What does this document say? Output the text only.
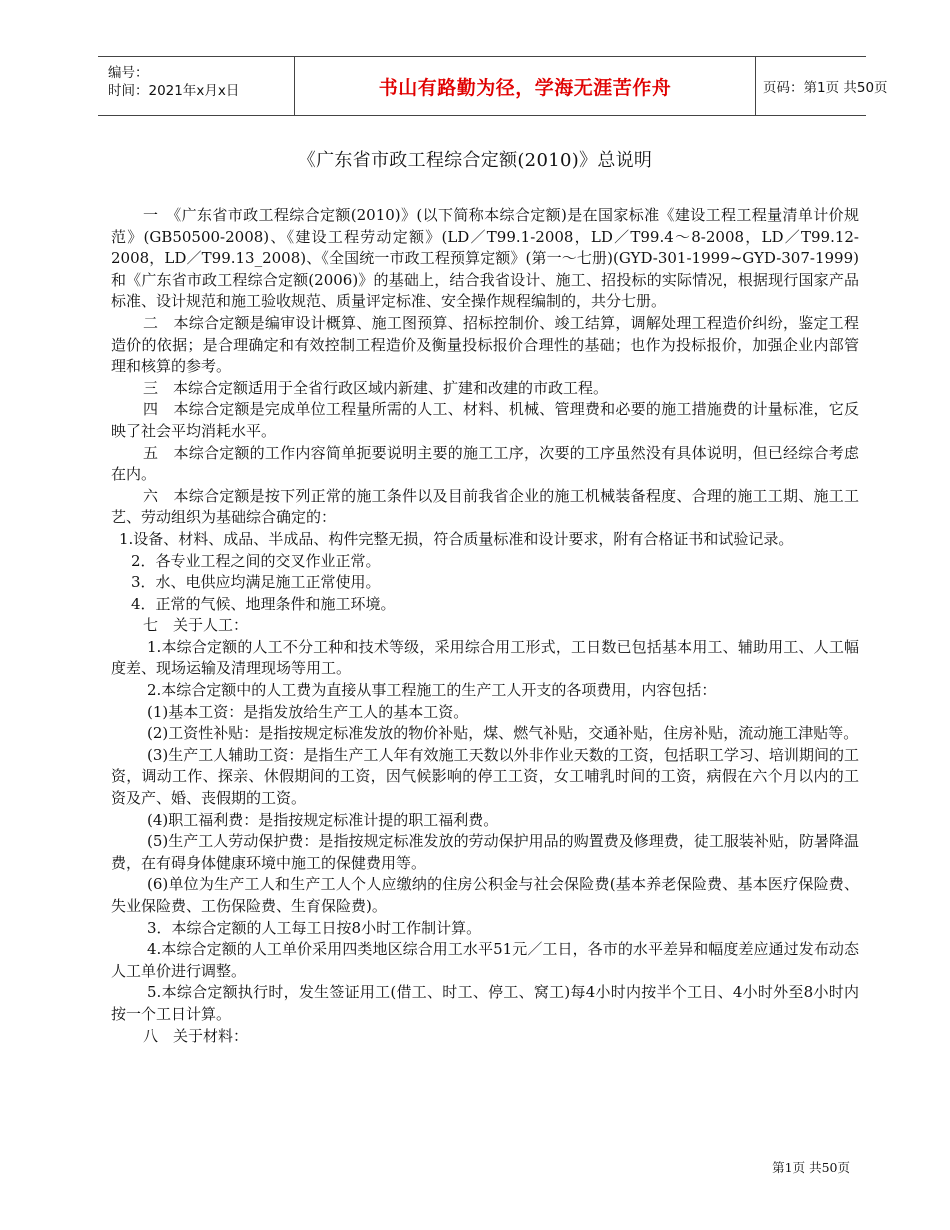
编号：
时间：2021年x月x日	书山有路勤为径，学海无涯苦作舟	页码：第1页 共50页
《广东省市政工程综合定额(2010)》总说明

一　《广东省市政工程综合定额(2010)》(以下简称本综合定额)是在国家标准《建设工程工程量清单计价规范》(GB50500-2008)、《建设工程劳动定额》(LD／T99.1-2008，LD／T99.4～8-2008，LD／T99.12-2008，LD／T99.13_2008)、《全国统一市政工程预算定额》(第一～七册)(GYD-301-1999~GYD-307-1999)和《广东省市政工程综合定额(2006)》的基础上，结合我省设计、施工、招投标的实际情况，根据现行国家产品标准、设计规范和施工验收规范、质量评定标准、安全操作规程编制的，共分七册。

二　本综合定额是编审设计概算、施工图预算、招标控制价、竣工结算，调解处理工程造价纠纷，鉴定工程造价的依据；是合理确定和有效控制工程造价及衡量投标报价合理性的基础；也作为投标报价，加强企业内部管理和核算的参考。

三　本综合定额适用于全省行政区域内新建、扩建和改建的市政工程。

四　本综合定额是完成单位工程量所需的人工、材料、机械、管理费和必要的施工措施费的计量标准，它反映了社会平均消耗水平。

五　本综合定额的工作内容简单扼要说明主要的施工工序，次要的工序虽然没有具体说明，但已经综合考虑在内。

六　本综合定额是按下列正常的施工条件以及目前我省企业的施工机械装备程度、合理的施工工期、施工工艺、劳动组织为基础综合确定的：

1.设备、材料、成品、半成品、构件完整无损，符合质量标准和设计要求，附有合格证书和试验记录。

2．各专业工程之间的交叉作业正常。

3．水、电供应均满足施工正常使用。

4．正常的气候、地理条件和施工环境。

七　关于人工：

1.本综合定额的人工不分工种和技术等级，采用综合用工形式，工日数已包括基本用工、辅助用工、人工幅度差、现场运输及清理现场等用工。

2.本综合定额中的人工费为直接从事工程施工的生产工人开支的各项费用，内容包括：

(1)基本工资：是指发放给生产工人的基本工资。

(2)工资性补贴：是指按规定标准发放的物价补贴，煤、燃气补贴，交通补贴，住房补贴，流动施工津贴等。

(3)生产工人辅助工资：是指生产工人年有效施工天数以外非作业天数的工资，包括职工学习、培训期间的工资，调动工作、探亲、休假期间的工资，因气候影响的停工工资，女工哺乳时间的工资，病假在六个月以内的工资及产、婚、丧假期的工资。

(4)职工福利费：是指按规定标准计提的职工福利费。

(5)生产工人劳动保护费：是指按规定标准发放的劳动保护用品的购置费及修理费，徒工服装补贴，防暑降温费，在有碍身体健康环境中施工的保健费用等。

(6)单位为生产工人和生产工人个人应缴纳的住房公积金与社会保险费(基本养老保险费、基本医疗保险费、失业保险费、工伤保险费、生育保险费)。

3．本综合定额的人工每工日按8小时工作制计算。

4.本综合定额的人工单价采用四类地区综合用工水平51元／工日，各市的水平差异和幅度差应通过发布动态人工单价进行调整。

5.本综合定额执行时，发生签证用工(借工、时工、停工、窝工)每4小时内按半个工日、4小时外至8小时内按一个工日计算。

八　关于材料：

第1页 共50页
